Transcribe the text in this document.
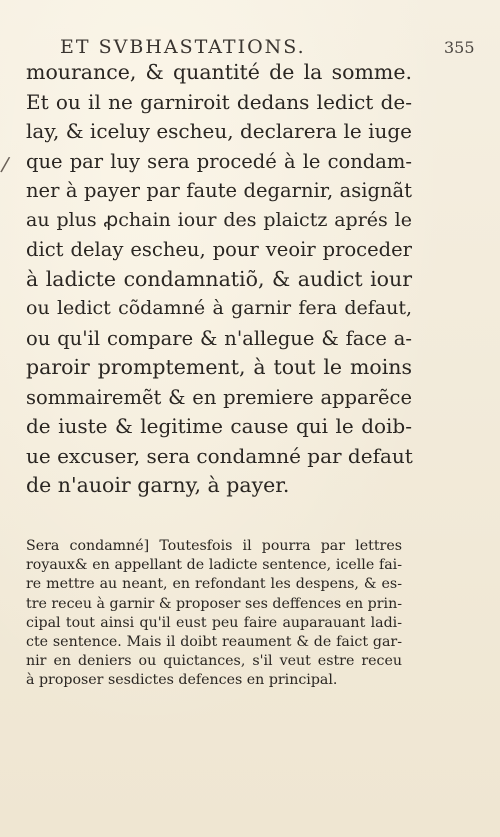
ET SVBHASTATIONS.	355
/
mourance, & quantité de la somme.
Et ou il ne garniroit dedans ledict de-
lay, & iceluy escheu, declarera le iuge
que par luy sera procedé à le condam-
ner à payer par faute degarnir, asignãt
au plus ꝓchain iour des plaictz aprés le
dict delay escheu, pour veoir proceder
à ladicte condamnatiõ, & audict iour
ou ledict cõdamné à garnir fera defaut,
ou qu'il compare & n'allegue & face a-
paroir promptement, à tout le moins
sommairemẽt & en premiere apparẽce
de iuste & legitime cause qui le doib-
ue excuser, sera condamné par defaut
de n'auoir garny, à payer.
Sera condamné] Toutesfois il pourra par lettres
royaux& en appellant de ladicte sentence, icelle fai-
re mettre au neant, en refondant les despens, & es-
tre receu à garnir & proposer ses deffences en prin-
cipal tout ainsi qu'il eust peu faire auparauant ladi-
cte sentence. Mais il doibt reaument & de faict gar-
nir en deniers ou quictances, s'il veut estre receu
à proposer sesdictes defences en principal.
